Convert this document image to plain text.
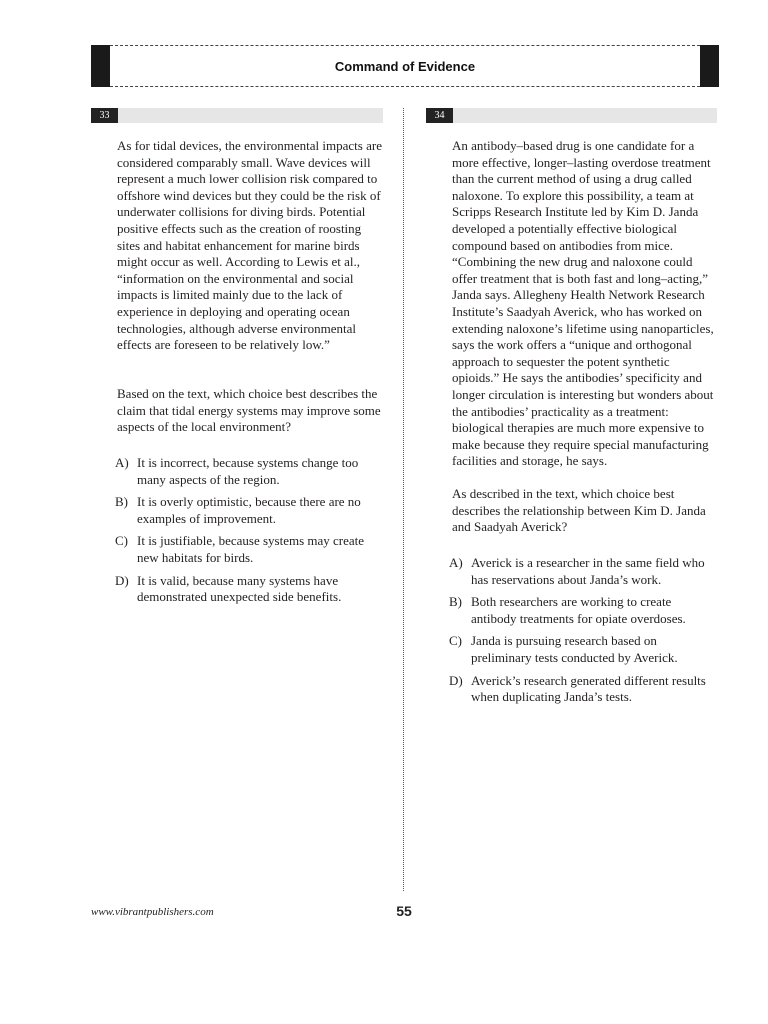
Command of Evidence
33

As for tidal devices, the environmental impacts are considered comparably small. Wave devices will represent a much lower collision risk compared to offshore wind devices but they could be the risk of underwater collisions for diving birds. Potential positive effects such as the creation of roosting sites and habitat enhancement for marine birds might occur as well. According to Lewis et al., “information on the environmental and social impacts is limited mainly due to the lack of experience in deploying and operating ocean technologies, although adverse environmental effects are foreseen to be relatively low.”

Based on the text, which choice best describes the claim that tidal energy systems may improve some aspects of the local environment?

A) It is incorrect, because systems change too many aspects of the region.
B) It is overly optimistic, because there are no examples of improvement.
C) It is justifiable, because systems may create new habitats for birds.
D) It is valid, because many systems have demonstrated unexpected side benefits.
34

An antibody–based drug is one candidate for a more effective, longer–lasting overdose treatment than the current method of using a drug called naloxone. To explore this possibility, a team at Scripps Research Institute led by Kim D. Janda developed a potentially effective biological compound based on antibodies from mice. “Combining the new drug and naloxone could offer treatment that is both fast and long–acting,” Janda says. Allegheny Health Network Research Institute’s Saadyah Averick, who has worked on extending naloxone’s lifetime using nanoparticles, says the work offers a “unique and orthogonal approach to sequester the potent synthetic opioids.” He says the antibodies’ specificity and longer circulation is interesting but wonders about the antibodies’ practicality as a treatment: biological therapies are much more expensive to make because they require special manufacturing facilities and storage, he says.

As described in the text, which choice best describes the relationship between Kim D. Janda and Saadyah Averick?

A) Averick is a researcher in the same field who has reservations about Janda’s work.
B) Both researchers are working to create antibody treatments for opiate overdoses.
C) Janda is pursuing research based on preliminary tests conducted by Averick.
D) Averick’s research generated different results when duplicating Janda’s tests.
www.vibrantpublishers.com	55
